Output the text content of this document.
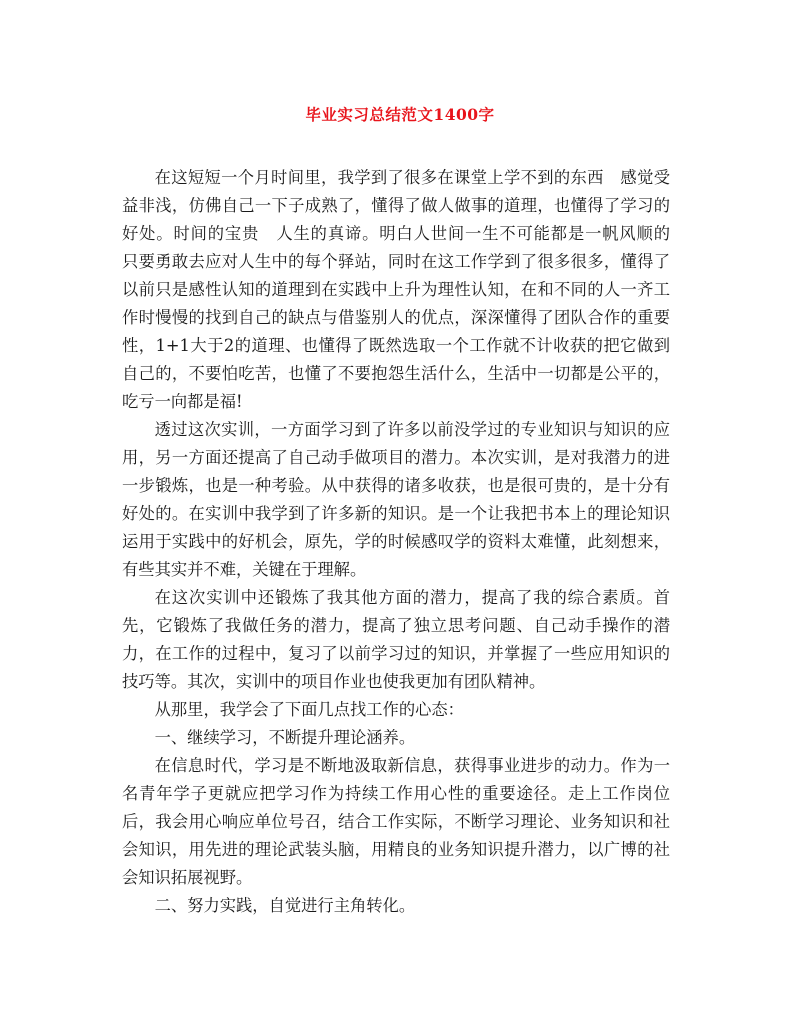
毕业实习总结范文1400字

在这短短一个月时间里，我学到了很多在课堂上学不到的东西　感觉受益非浅，仿佛自己一下子成熟了，懂得了做人做事的道理，也懂得了学习的好处。时间的宝贵　人生的真谛。明白人世间一生不可能都是一帆风顺的　只要勇敢去应对人生中的每个驿站，同时在这工作学到了很多很多，懂得了以前只是感性认知的道理到在实践中上升为理性认知，在和不同的人一齐工作时慢慢的找到自己的缺点与借鉴别人的优点，深深懂得了团队合作的重要性，1+1大于2的道理、也懂得了既然选取一个工作就不计收获的把它做到自己的，不要怕吃苦，也懂了不要抱怨生活什么，生活中一切都是公平的，吃亏一向都是福!

透过这次实训，一方面学习到了许多以前没学过的专业知识与知识的应用，另一方面还提高了自己动手做项目的潜力。本次实训，是对我潜力的进一步锻炼，也是一种考验。从中获得的诸多收获，也是很可贵的，是十分有好处的。在实训中我学到了许多新的知识。是一个让我把书本上的理论知识运用于实践中的好机会，原先，学的时候感叹学的资料太难懂，此刻想来，有些其实并不难，关键在于理解。

在这次实训中还锻炼了我其他方面的潜力，提高了我的综合素质。首先，它锻炼了我做任务的潜力，提高了独立思考问题、自己动手操作的潜力，在工作的过程中，复习了以前学习过的知识，并掌握了一些应用知识的技巧等。其次，实训中的项目作业也使我更加有团队精神。

从那里，我学会了下面几点找工作的心态：

一、继续学习，不断提升理论涵养。

在信息时代，学习是不断地汲取新信息，获得事业进步的动力。作为一名青年学子更就应把学习作为持续工作用心性的重要途径。走上工作岗位后，我会用心响应单位号召，结合工作实际，不断学习理论、业务知识和社会知识，用先进的理论武装头脑，用精良的业务知识提升潜力，以广博的社会知识拓展视野。

二、努力实践，自觉进行主角转化。
